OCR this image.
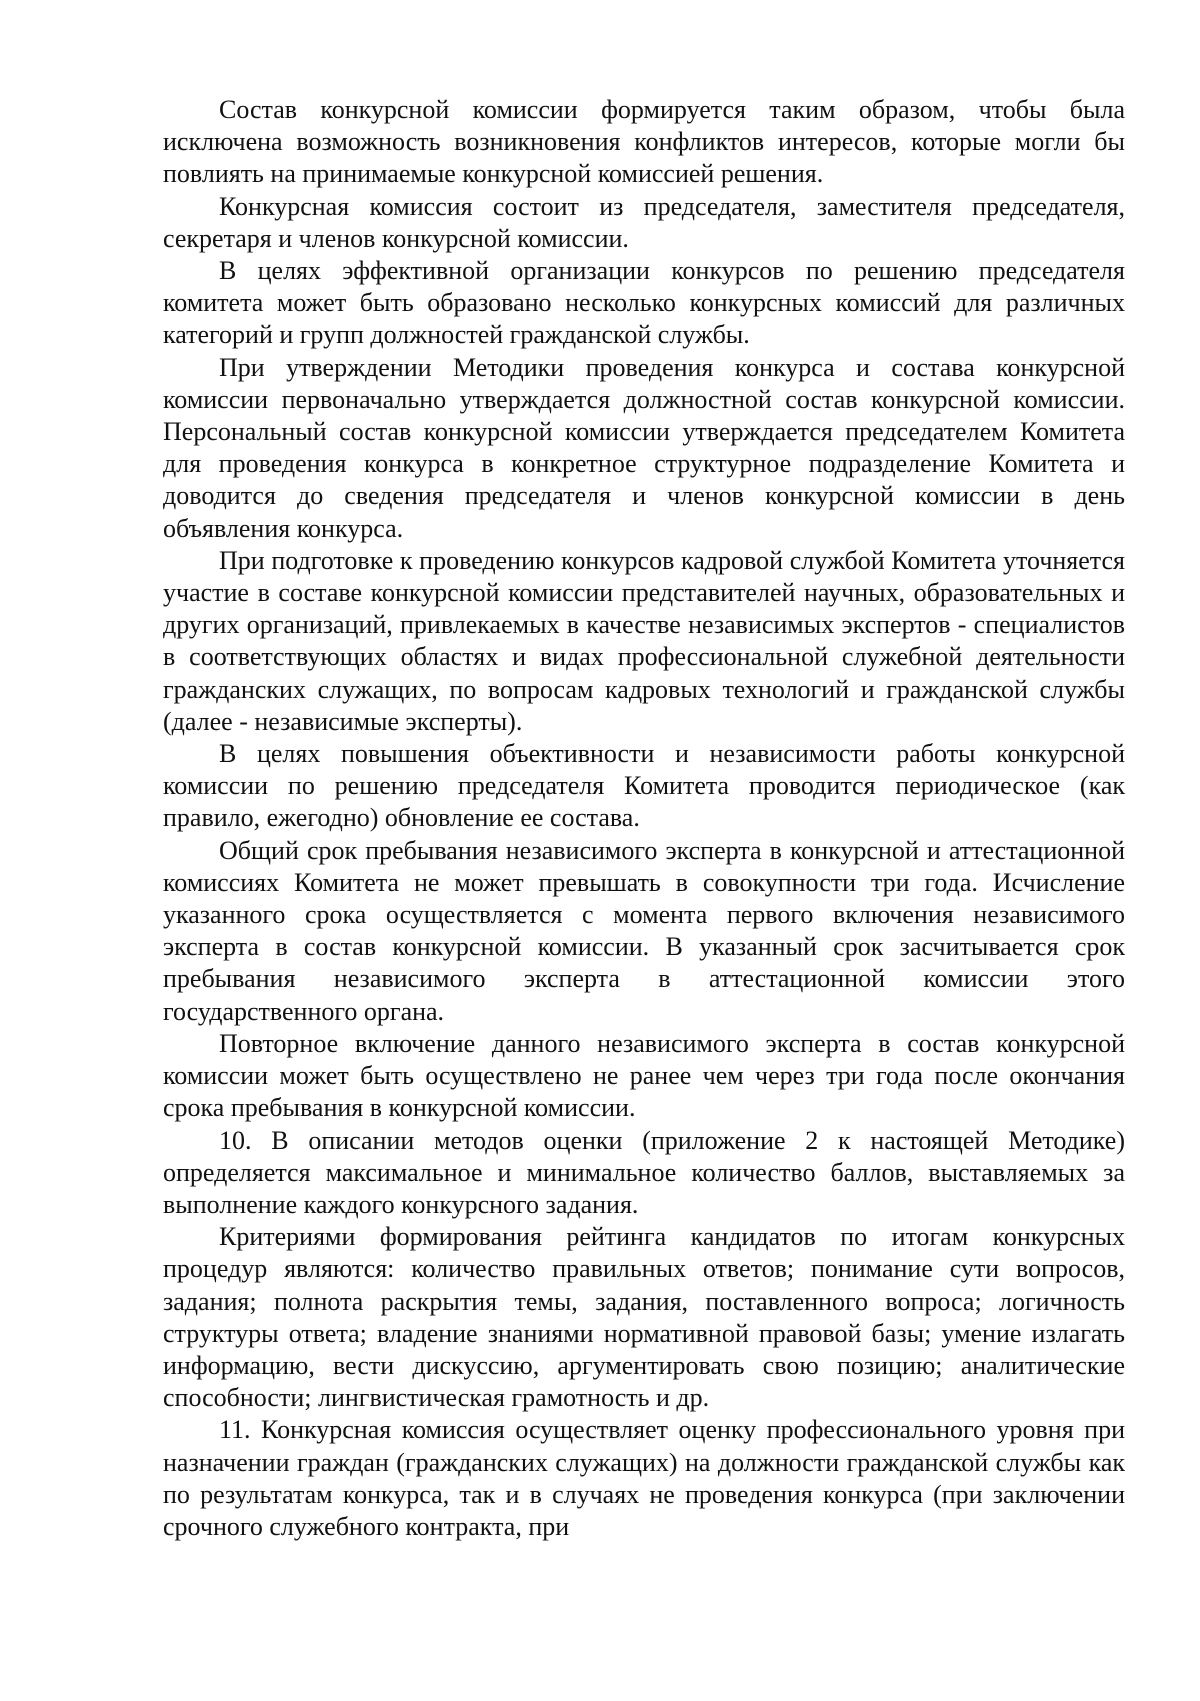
Состав конкурсной комиссии формируется таким образом, чтобы была исключена возможность возникновения конфликтов интересов, которые могли бы повлиять на принимаемые конкурсной комиссией решения.

Конкурсная комиссия состоит из председателя, заместителя председателя, секретаря и членов конкурсной комиссии.

В целях эффективной организации конкурсов по решению председателя комитета может быть образовано несколько конкурсных комиссий для различных категорий и групп должностей гражданской службы.

При утверждении Методики проведения конкурса и состава конкурсной комиссии первоначально утверждается должностной состав конкурсной комиссии. Персональный состав конкурсной комиссии утверждается председателем Комитета для проведения конкурса в конкретное структурное подразделение Комитета и доводится до сведения председателя и членов конкурсной комиссии в день объявления конкурса.

При подготовке к проведению конкурсов кадровой службой Комитета уточняется участие в составе конкурсной комиссии представителей научных, образовательных и других организаций, привлекаемых в качестве независимых экспертов - специалистов в соответствующих областях и видах профессиональной служебной деятельности гражданских служащих, по вопросам кадровых технологий и гражданской службы (далее - независимые эксперты).

В целях повышения объективности и независимости работы конкурсной комиссии по решению председателя Комитета проводится периодическое (как правило, ежегодно) обновление ее состава.

Общий срок пребывания независимого эксперта в конкурсной и аттестационной комиссиях Комитета не может превышать в совокупности три года. Исчисление указанного срока осуществляется с момента первого включения независимого эксперта в состав конкурсной комиссии. В указанный срок засчитывается срок пребывания независимого эксперта в аттестационной комиссии этого государственного органа.

Повторное включение данного независимого эксперта в состав конкурсной комиссии может быть осуществлено не ранее чем через три года после окончания срока пребывания в конкурсной комиссии.

10. В описании методов оценки (приложение 2 к настоящей Методике) определяется максимальное и минимальное количество баллов, выставляемых за выполнение каждого конкурсного задания.

Критериями формирования рейтинга кандидатов по итогам конкурсных процедур являются: количество правильных ответов; понимание сути вопросов, задания; полнота раскрытия темы, задания, поставленного вопроса; логичность структуры ответа; владение знаниями нормативной правовой базы; умение излагать информацию, вести дискуссию, аргументировать свою позицию; аналитические способности; лингвистическая грамотность и др.

11. Конкурсная комиссия осуществляет оценку профессионального уровня при назначении граждан (гражданских служащих) на должности гражданской службы как по результатам конкурса, так и в случаях не проведения конкурса (при заключении срочного служебного контракта, при
